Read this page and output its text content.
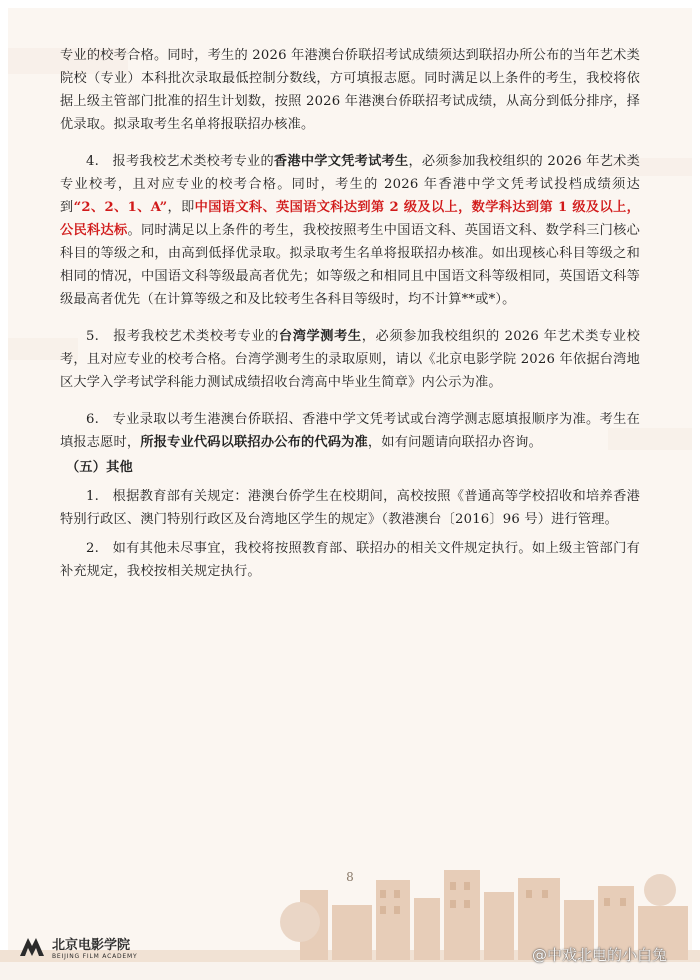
专业的校考合格。同时，考生的 2026 年港澳台侨联招考试成绩须达到联招办所公布的当年艺术类院校（专业）本科批次录取最低控制分数线，方可填报志愿。同时满足以上条件的考生，我校将依据上级主管部门批准的招生计划数，按照 2026 年港澳台侨联招考试成绩，从高分到低分排序，择优录取。拟录取考生名单将报联招办核准。

4.　报考我校艺术类校考专业的香港中学文凭考试考生，必须参加我校组织的 2026 年艺术类专业校考，且对应专业的校考合格。同时，考生的 2026 年香港中学文凭考试投档成绩须达到“2、2、1、A”，即中国语文科、英国语文科达到第 2 级及以上，数学科达到第 1 级及以上，公民科达标。同时满足以上条件的考生，我校按照考生中国语文科、英国语文科、数学科三门核心科目的等级之和，由高到低择优录取。拟录取考生名单将报联招办核准。如出现核心科目等级之和相同的情况，中国语文科等级最高者优先；如等级之和相同且中国语文科等级相同，英国语文科等级最高者优先（在计算等级之和及比较考生各科目等级时，均不计算**或*）。

5.　报考我校艺术类校考专业的台湾学测考生，必须参加我校组织的 2026 年艺术类专业校考，且对应专业的校考合格。台湾学测考生的录取原则，请以《北京电影学院 2026 年依据台湾地区大学入学考试学科能力测试成绩招收台湾高中毕业生简章》内公示为准。

6.　专业录取以考生港澳台侨联招、香港中学文凭考试或台湾学测志愿填报顺序为准。考生在填报志愿时，所报专业代码以联招办公布的代码为准，如有问题请向联招办咨询。

（五）其他

1.　根据教育部有关规定：港澳台侨学生在校期间，高校按照《普通高等学校招收和培养香港特别行政区、澳门特别行政区及台湾地区学生的规定》（教港澳台〔2016〕96 号）进行管理。

2.　如有其他未尽事宜，我校将按照教育部、联招办的相关文件规定执行。如上级主管部门有补充规定，我校按相关规定执行。

8
北京电影学院
BEIJING FILM ACADEMY	@中戏北电的小白兔
